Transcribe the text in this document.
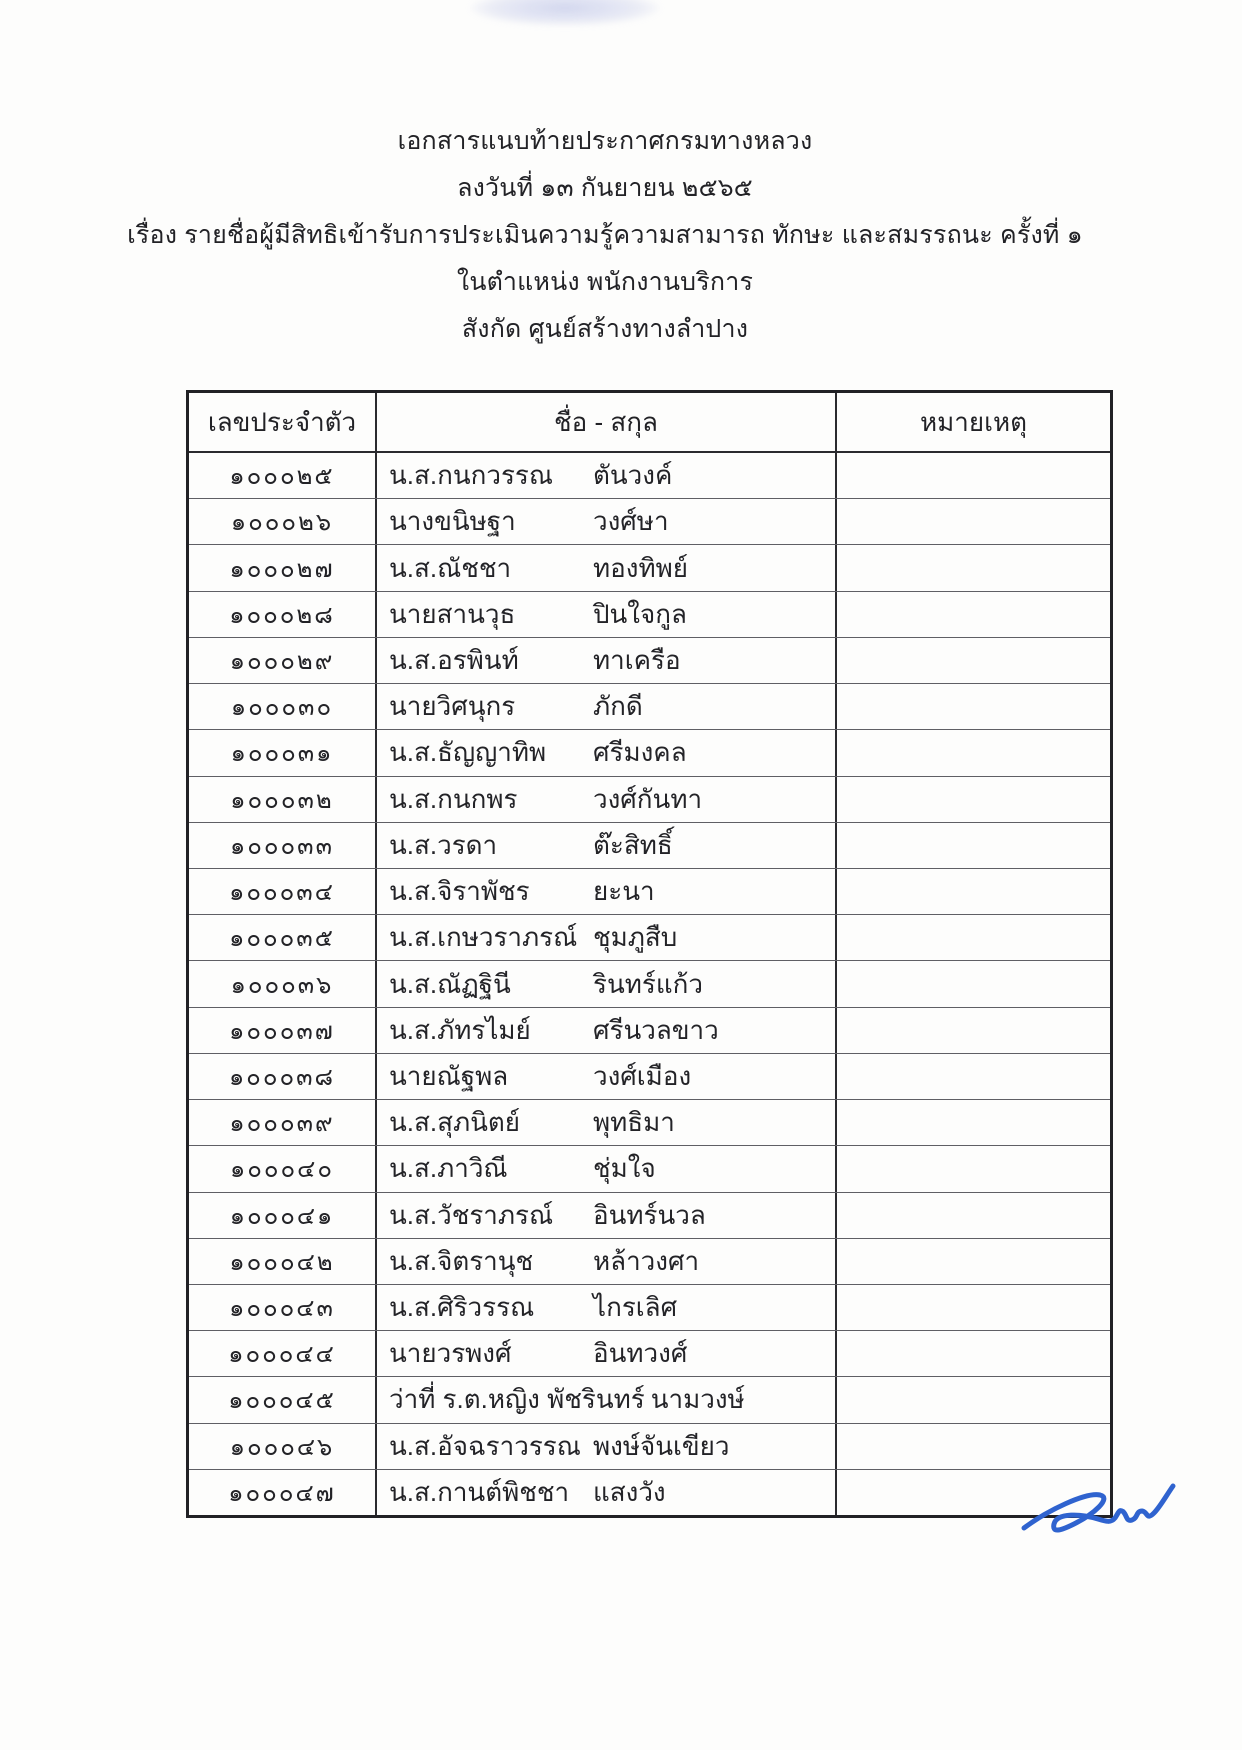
เอกสารแนบท้ายประกาศกรมทางหลวง
ลงวันที่ ๑๓ กันยายน ๒๕๖๕
เรื่อง รายชื่อผู้มีสิทธิเข้ารับการประเมินความรู้ความสามารถ ทักษะ และสมรรถนะ ครั้งที่ ๑
ในตำแหน่ง พนักงานบริการ
สังกัด ศูนย์สร้างทางลำปาง
เลขประจำตัว	ชื่อ - สกุล	หมายเหตุ
๑๐๐๐๒๕ น.ส.กนกวรรณ	ตันวงค์
๑๐๐๐๒๖ นางขนิษฐา	วงศ์ษา
๑๐๐๐๒๗ น.ส.ณัชชา	ทองทิพย์
๑๐๐๐๒๘ นายสานวุธ	ปินใจกูล
๑๐๐๐๒๙ น.ส.อรพินท์	ทาเครือ
๑๐๐๐๓๐ นายวิศนุกร	ภักดี
๑๐๐๐๓๑ น.ส.ธัญญาทิพ	ศรีมงคล
๑๐๐๐๓๒ น.ส.กนกพร	วงศ์กันทา
๑๐๐๐๓๓ น.ส.วรดา	ต๊ะสิทธิ์
๑๐๐๐๓๔ น.ส.จิราพัชร	ยะนา
๑๐๐๐๓๕ น.ส.เกษวราภรณ์ ชุมภูสืบ
๑๐๐๐๓๖ น.ส.ณัฏฐินี	รินทร์แก้ว
๑๐๐๐๓๗ น.ส.ภัทรไมย์	ศรีนวลขาว
๑๐๐๐๓๘ นายณัฐพล	วงศ์เมือง
๑๐๐๐๓๙ น.ส.สุภนิตย์	พุทธิมา
๑๐๐๐๔๐ น.ส.ภาวิณี	ชุ่มใจ
๑๐๐๐๔๑ น.ส.วัชราภรณ์	อินทร์นวล
๑๐๐๐๔๒ น.ส.จิตรานุช	หล้าวงศา
๑๐๐๐๔๓ น.ส.ศิริวรรณ	ไกรเลิศ
๑๐๐๐๔๔ นายวรพงศ์	อินทวงศ์
๑๐๐๐๔๕ ว่าที่ ร.ต.หญิง พัชรินทร์ นามวงษ์
๑๐๐๐๔๖ น.ส.อัจฉราวรรณ พงษ์จันเขียว
๑๐๐๐๔๗ น.ส.กานต์พิชชา แสงวัง
